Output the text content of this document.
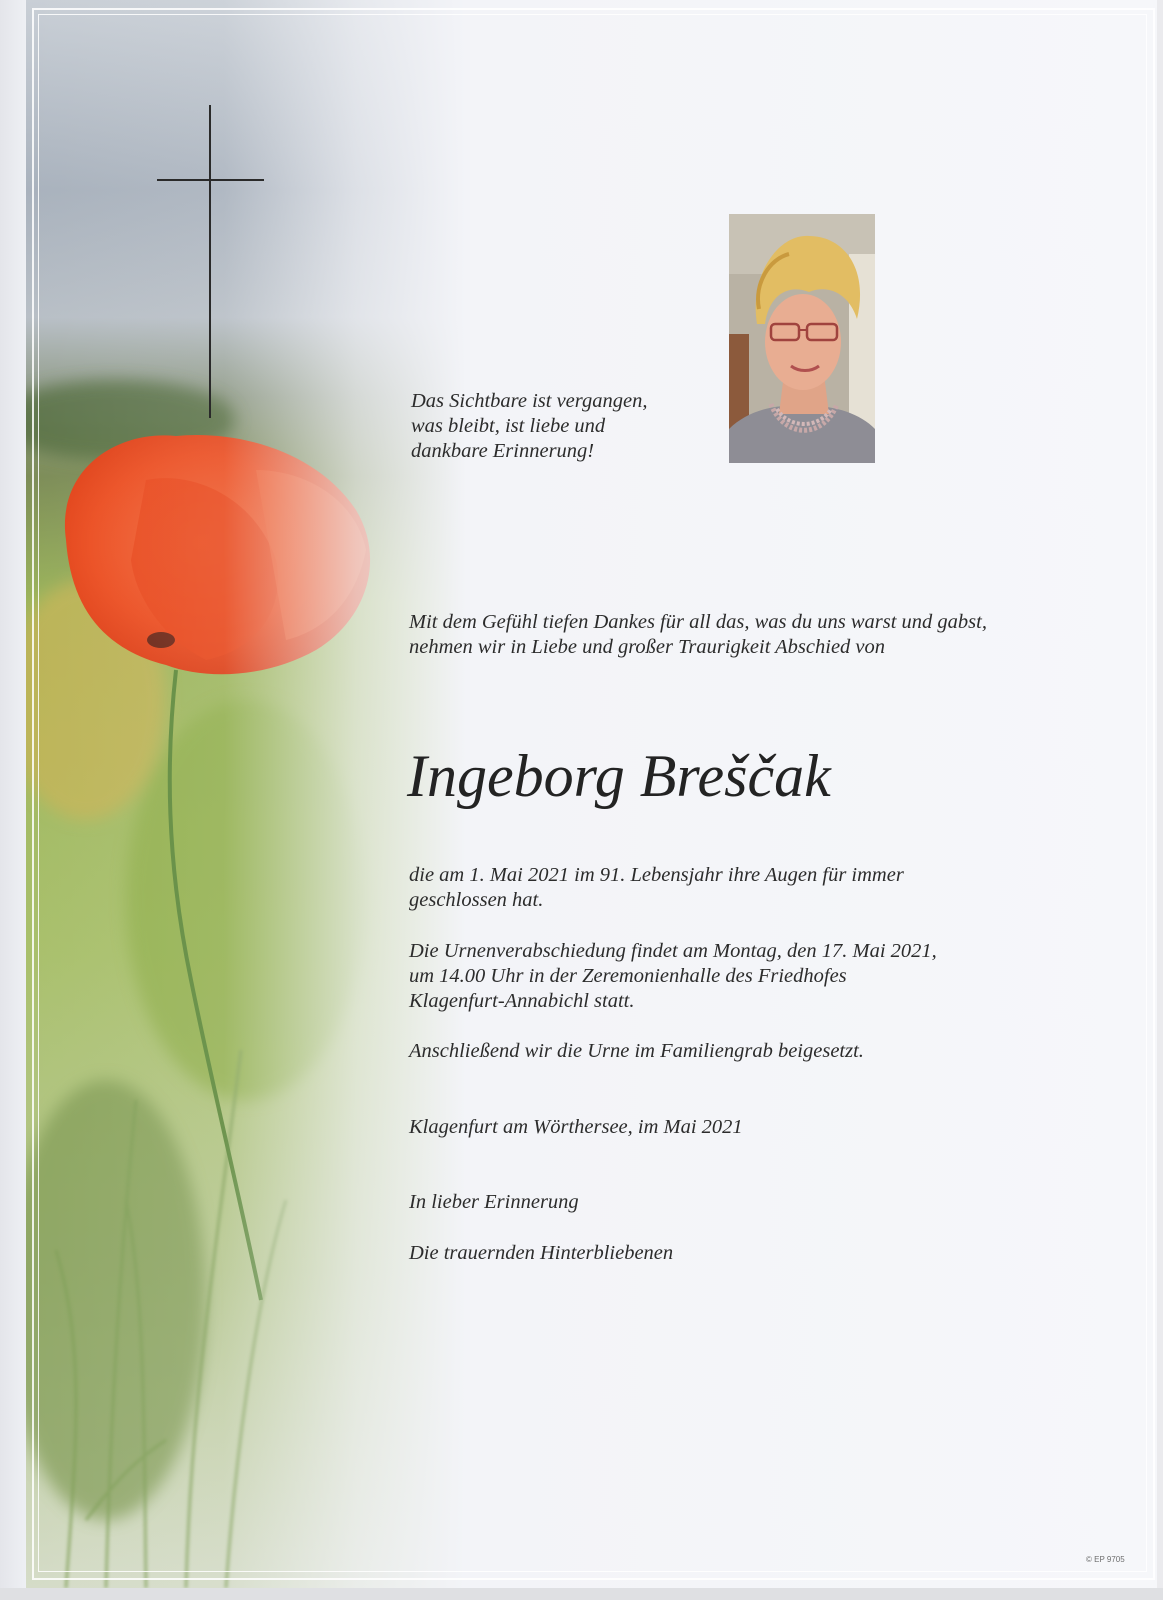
Das Sichtbare ist vergangen,
was bleibt, ist liebe und
dankbare Erinnerung!
Mit dem Gefühl tiefen Dankes für all das, was du uns warst und gabst,
nehmen wir in Liebe und großer Traurigkeit Abschied von
Ingeborg Breščak
die am 1. Mai 2021 im 91. Lebensjahr ihre Augen für immer
geschlossen hat.
Die Urnenverabschiedung findet am Montag, den 17. Mai 2021,
um 14.00 Uhr in der Zeremonienhalle des Friedhofes
Klagenfurt-Annabichl statt.
Anschließend wir die Urne im Familiengrab beigesetzt.
Klagenfurt am Wörthersee, im Mai 2021
In lieber Erinnerung
Die trauernden Hinterbliebenen
© EP 9705
